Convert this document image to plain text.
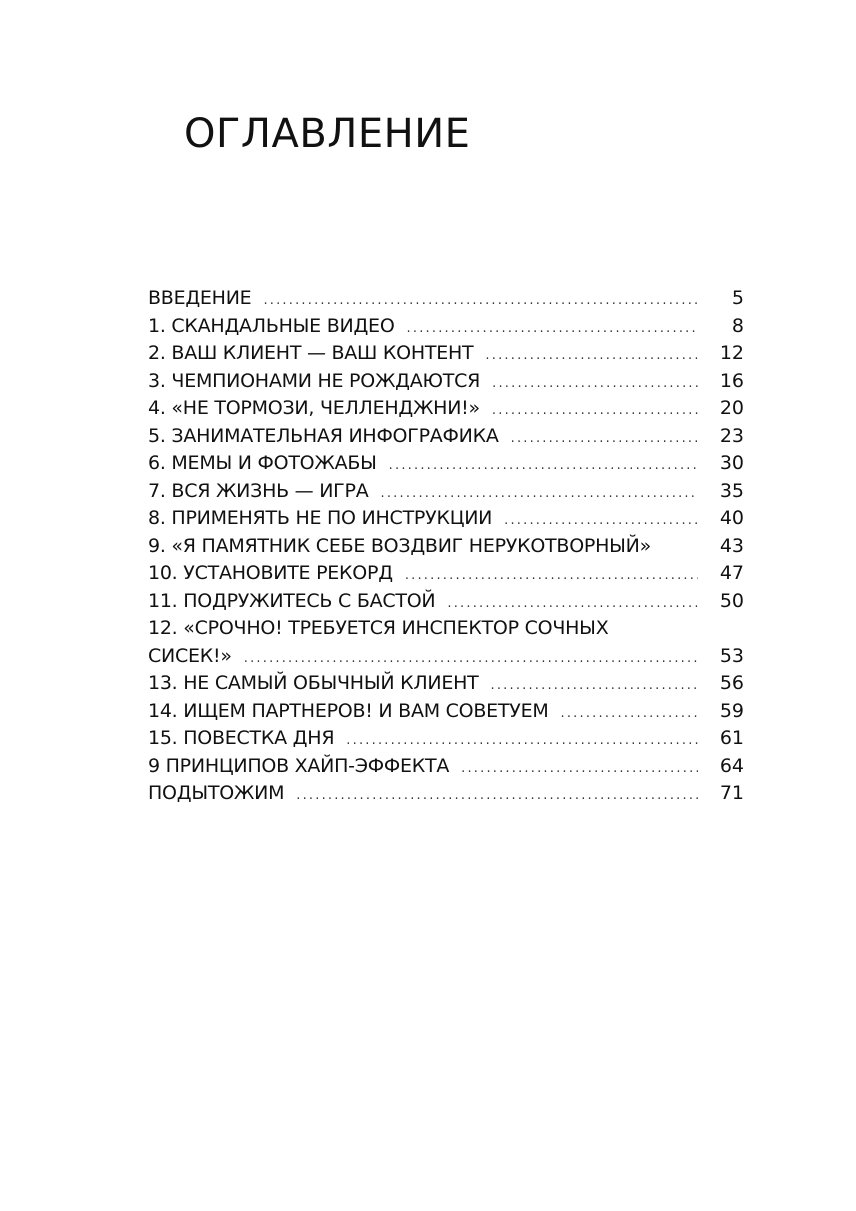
ОГЛАВЛЕНИЕ
ВВЕДЕНИЕ .....	5
1. СКАНДАЛЬНЫЕ ВИДЕО .....	8
2. ВАШ КЛИЕНТ — ВАШ КОНТЕНТ .....	12
3. ЧЕМПИОНАМИ НЕ РОЖДАЮТСЯ .....	16
4. «НЕ ТОРМОЗИ, ЧЕЛЛЕНДЖНИ!» .....	20
5. ЗАНИМАТЕЛЬНАЯ ИНФОГРАФИКА .....	23
6. МЕМЫ И ФОТОЖАБЫ .....	30
7. ВСЯ ЖИЗНЬ — ИГРА .....	35
8. ПРИМЕНЯТЬ НЕ ПО ИНСТРУКЦИИ .....	40
9. «Я ПАМЯТНИК СЕБЕ ВОЗДВИГ НЕРУКОТВОРНЫЙ»	43
10. УСТАНОВИТЕ РЕКОРД .....	47
11. ПОДРУЖИТЕСЬ С БАСТОЙ .....	50
12. «СРОЧНО! ТРЕБУЕТСЯ ИНСПЕКТОР СОЧНЫХ
СИСЕК!» .....	53
13. НЕ САМЫЙ ОБЫЧНЫЙ КЛИЕНТ .....	56
14. ИЩЕМ ПАРТНЕРОВ! И ВАМ СОВЕТУЕМ .....	59
15. ПОВЕСТКА ДНЯ .....	61
9 ПРИНЦИПОВ ХАЙП-ЭФФЕКТА .....	64
ПОДЫТОЖИМ .....	71
